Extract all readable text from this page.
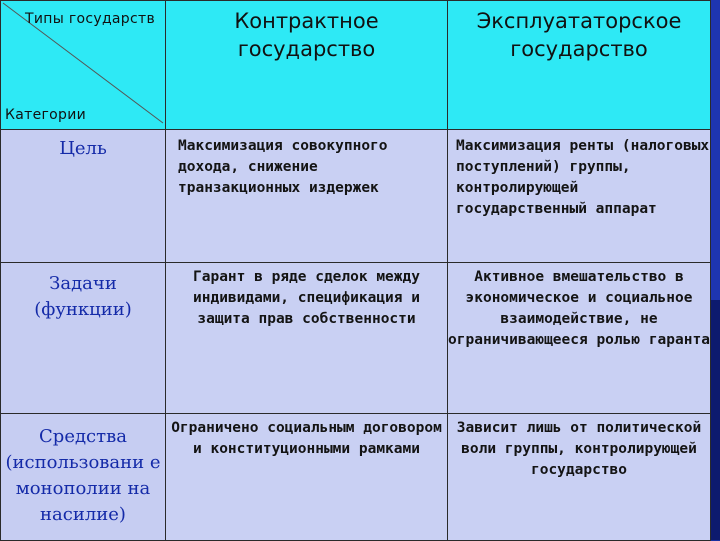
Типы государств
Категории	Контрактное государство	Эксплуататорское государство

Цель	Максимизация совокупного дохода, снижение транзакционных издержек	Максимизация ренты (налоговых поступлений) группы, контролирующей государственный аппарат

Задачи (функции)	Гарант в ряде сделок между индивидами, спецификация и защита прав собственности	Активное вмешательство в экономическое и социальное взаимодействие, не ограничивающееся ролью гаранта

Средства (использовани е монополии на насилие)	Ограничено социальным договором и конституционными рамками	Зависит лишь от политической воли группы, контролирующей государство
